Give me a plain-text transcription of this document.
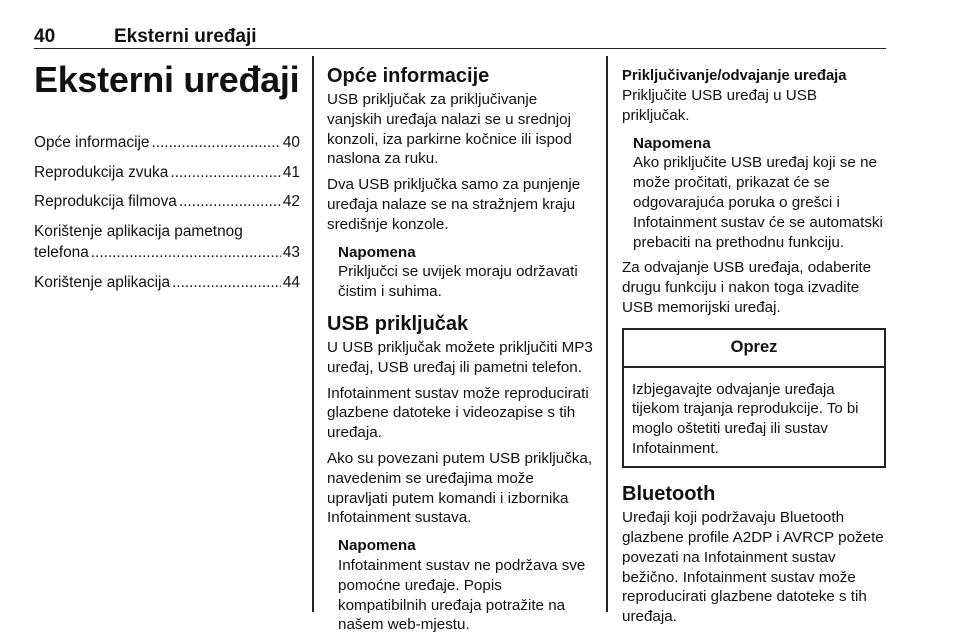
40	Eksterni uređaji
Eksterni uređaji
Opće informacije .....	40
Reprodukcija zvuka .....	41
Reprodukcija filmova .....	42
Korištenje aplikacija pametnog
telefona .....	43
Korištenje aplikacija .....	44
Opće informacije

USB priključak za priključivanje vanjskih uređaja nalazi se u srednjoj konzoli, iza parkirne kočnice ili ispod naslona za ruku.

Dva USB priključka samo za punjenje uređaja nalaze se na stražnjem kraju središnje konzole.

Napomena

Priključci se uvijek moraju održavati čistim i suhima.

USB priključak

U USB priključak možete priključiti MP3 uređaj, USB uređaj ili pametni telefon.

Infotainment sustav može reproducirati glazbene datoteke i videozapise s tih uređaja.

Ako su povezani putem USB priključka, navedenim se uređajima može upravljati putem komandi i izbornika Infotainment sustava.

Napomena

Infotainment sustav ne podržava sve pomoćne uređaje. Popis kompatibilnih uređaja potražite na našem web-mjestu.

Priključivanje/odvajanje uređaja

Priključite USB uređaj u USB priključak.

Napomena

Ako priključite USB uređaj koji se ne može pročitati, prikazat će se odgovarajuća poruka o grešci i Infotainment sustav će se automatski prebaciti na prethodnu funkciju.

Za odvajanje USB uređaja, odaberite drugu funkciju i nakon toga izvadite USB memorijski uređaj.

Oprez
Izbjegavajte odvajanje uređaja tijekom trajanja reprodukcije. To bi moglo oštetiti uređaj ili sustav Infotainment.
Bluetooth

Uređaji koji podržavaju Bluetooth glazbene profile A2DP i AVRCP požete povezati na Infotainment sustav bežično. Infotainment sustav može reproducirati glazbene datoteke s tih uređaja.
